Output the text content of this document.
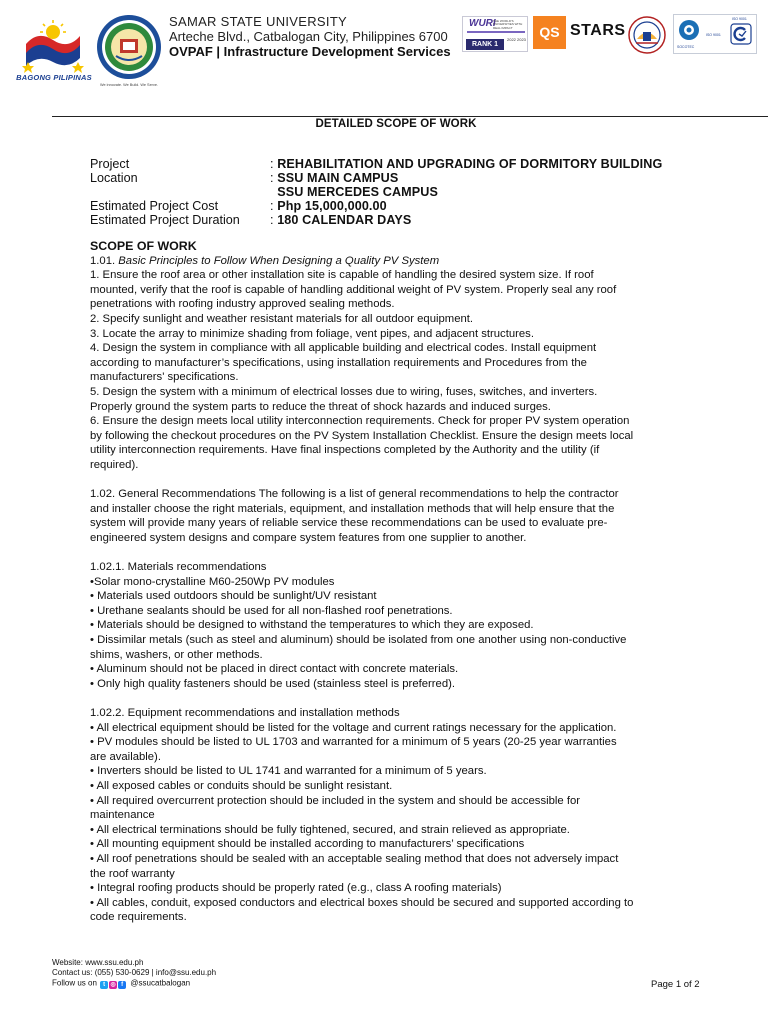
BAGONG PILIPINAS
We innovate. We Build. We Serve.
SAMAR STATE UNIVERSITY
Arteche Blvd., Catbalogan City, Philippines 6700
OVPAF | Infrastructure Development Services
WURI
THE WORLD'S UNIVERSITIES WITH REAL IMPACT
RANK 1
2022 2023 QS STARS
SOCOTEC
ISO 9001
ISO 9001
DETAILED SCOPE OF WORK
Project	: REHABILITATION AND UPGRADING OF DORMITORY BUILDING
Location	: SSU MAIN CAMPUS
SSU MERCEDES CAMPUS
Estimated Project Cost	: Php 15,000,000.00
Estimated Project Duration : 180 CALENDAR DAYS

SCOPE OF WORK

1.01. Basic Principles to Follow When Designing a Quality PV System

1. Ensure the roof area or other installation site is capable of handling the desired system size. If roof

mounted, verify that the roof is capable of handling additional weight of PV system. Properly seal any roof

penetrations with roofing industry approved sealing methods.

2. Specify sunlight and weather resistant materials for all outdoor equipment.

3. Locate the array to minimize shading from foliage, vent pipes, and adjacent structures.

4. Design the system in compliance with all applicable building and electrical codes. Install equipment

according to manufacturer’s specifications, using installation requirements and Procedures from the

manufacturers' specifications.

5. Design the system with a minimum of electrical losses due to wiring, fuses, switches, and inverters.

Properly ground the system parts to reduce the threat of shock hazards and induced surges.

6. Ensure the design meets local utility interconnection requirements. Check for proper PV system operation

by following the checkout procedures on the PV System Installation Checklist. Ensure the design meets local

utility interconnection requirements. Have final inspections completed by the Authority and the utility (if

required).

1.02. General Recommendations The following is a list of general recommendations to help the contractor

and installer choose the right materials, equipment, and installation methods that will help ensure that the

system will provide many years of reliable service these recommendations can be used to evaluate pre-

engineered system designs and compare system features from one supplier to another.

1.02.1. Materials recommendations

•Solar mono-crystalline M60-250Wp PV modules

• Materials used outdoors should be sunlight/UV resistant

• Urethane sealants should be used for all non-flashed roof penetrations.

• Materials should be designed to withstand the temperatures to which they are exposed.

• Dissimilar metals (such as steel and aluminum) should be isolated from one another using non-conductive

shims, washers, or other methods.

• Aluminum should not be placed in direct contact with concrete materials.

• Only high quality fasteners should be used (stainless steel is preferred).

1.02.2. Equipment recommendations and installation methods

• All electrical equipment should be listed for the voltage and current ratings necessary for the application.

• PV modules should be listed to UL 1703 and warranted for a minimum of 5 years (20-25 year warranties

are available).

• Inverters should be listed to UL 1741 and warranted for a minimum of 5 years.

• All exposed cables or conduits should be sunlight resistant.

• All required overcurrent protection should be included in the system and should be accessible for

maintenance

• All electrical terminations should be fully tightened, secured, and strain relieved as appropriate.

• All mounting equipment should be installed according to manufacturers’ specifications

• All roof penetrations should be sealed with an acceptable sealing method that does not adversely impact

the roof warranty

• Integral roofing products should be properly rated (e.g., class A roofing materials)

• All cables, conduit, exposed conductors and electrical boxes should be secured and supported according to

code requirements.

Website: www.ssu.edu.ph
Contact us: (055) 530-0629 | info@ssu.edu.ph
Follow us on t ◎ f @ssucatbalogan	Page 1 of 2
